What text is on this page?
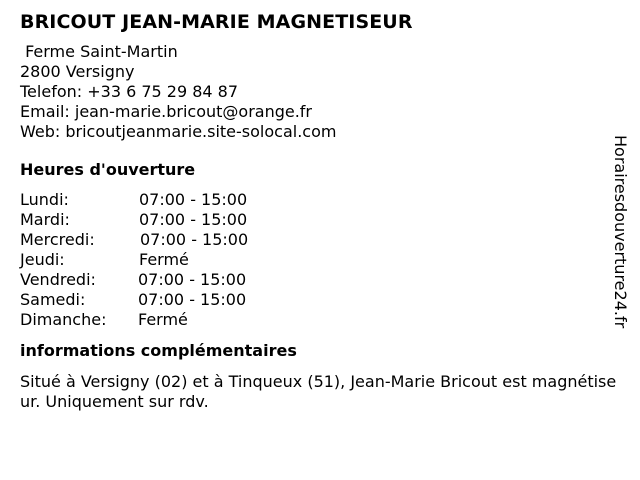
BRICOUT JEAN-MARIE MAGNETISEUR
Ferme Saint-Martin
2800 Versigny
Telefon: +33 6 75 29 84 87
Email: jean-marie.bricout@orange.fr
Web: bricoutjeanmarie.site-solocal.com
Heures d'ouverture
Lundi:	07:00 - 15:00
Mardi:	07:00 - 15:00
Mercredi:	07:00 - 15:00
Jeudi:	Fermé
Vendredi:	07:00 - 15:00
Samedi:	07:00 - 15:00
Dimanche: Fermé
informations complémentaires
Situé à Versigny (02) et à Tinqueux (51), Jean-Marie Bricout est magnétiseur. Uniquement sur rdv.
Horairesdouverture24.fr
